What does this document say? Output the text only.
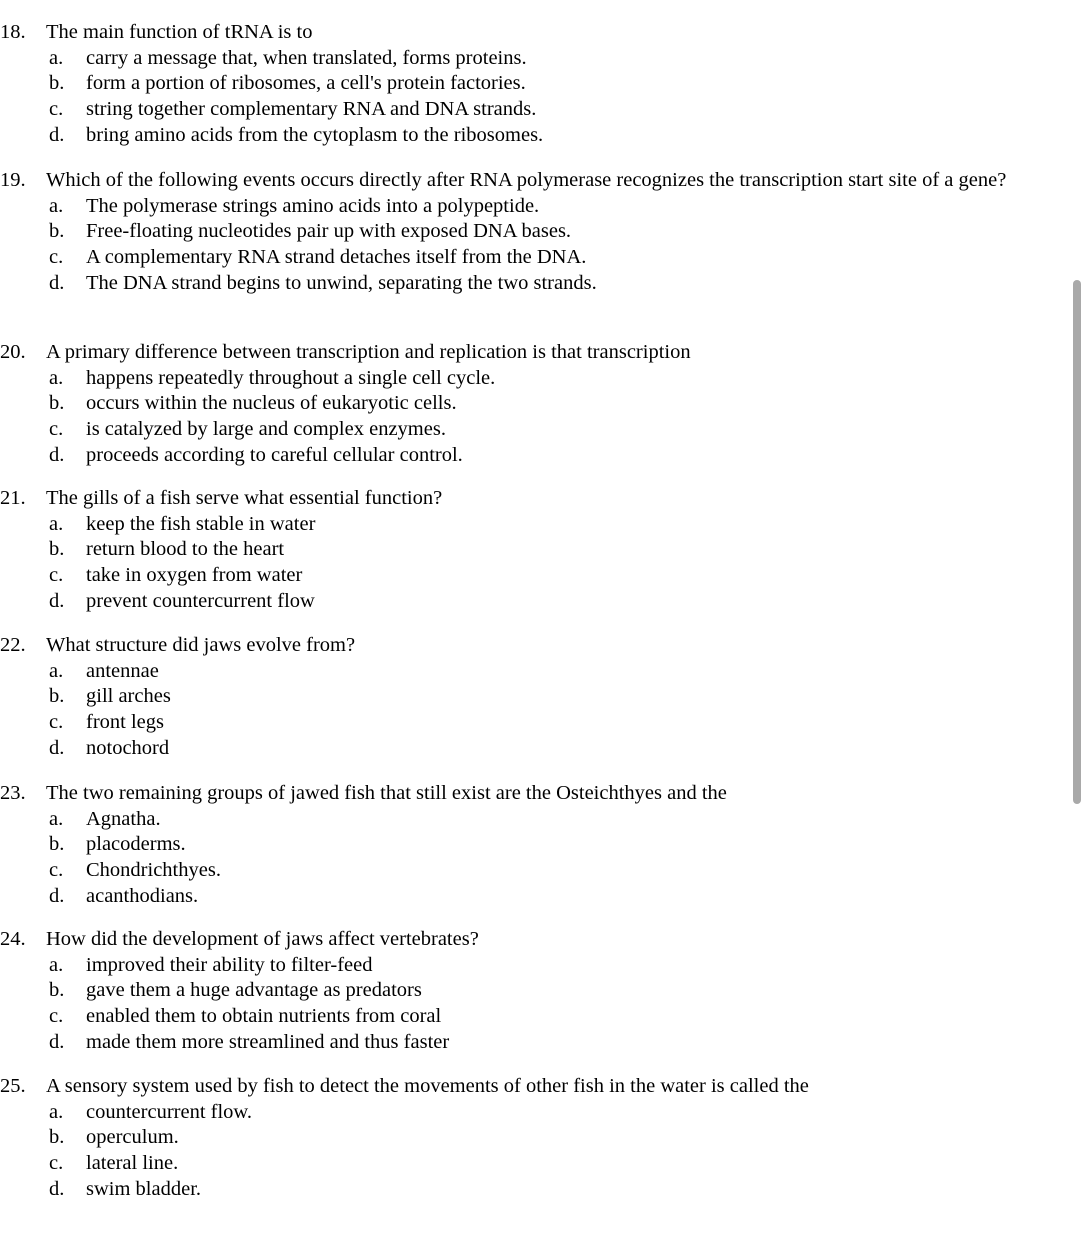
18. The main function of tRNA is to
a.	carry a message that, when translated, forms proteins.
b.	form a portion of ribosomes, a cell's protein factories.
c.	string together complementary RNA and DNA strands.
d.	bring amino acids from the cytoplasm to the ribosomes.
19. Which of the following events occurs directly after RNA polymerase recognizes the transcription start site of a gene?
a.	The polymerase strings amino acids into a polypeptide.
b.	Free-floating nucleotides pair up with exposed DNA bases.
c.	A complementary RNA strand detaches itself from the DNA.
d.	The DNA strand begins to unwind, separating the two strands.
20. A primary difference between transcription and replication is that transcription
a.	happens repeatedly throughout a single cell cycle.
b.	occurs within the nucleus of eukaryotic cells.
c.	is catalyzed by large and complex enzymes.
d.	proceeds according to careful cellular control.
21. The gills of a fish serve what essential function?
a.	keep the fish stable in water
b.	return blood to the heart
c.	take in oxygen from water
d.	prevent countercurrent flow
22. What structure did jaws evolve from?
a.	antennae
b.	gill arches
c.	front legs
d.	notochord
23. The two remaining groups of jawed fish that still exist are the Osteichthyes and the
a.	Agnatha.
b.	placoderms.
c.	Chondrichthyes.
d.	acanthodians.
24. How did the development of jaws affect vertebrates?
a.	improved their ability to filter-feed
b.	gave them a huge advantage as predators
c.	enabled them to obtain nutrients from coral
d.	made them more streamlined and thus faster
25. A sensory system used by fish to detect the movements of other fish in the water is called the
a.	countercurrent flow.
b.	operculum.
c.	lateral line.
d.	swim bladder.
